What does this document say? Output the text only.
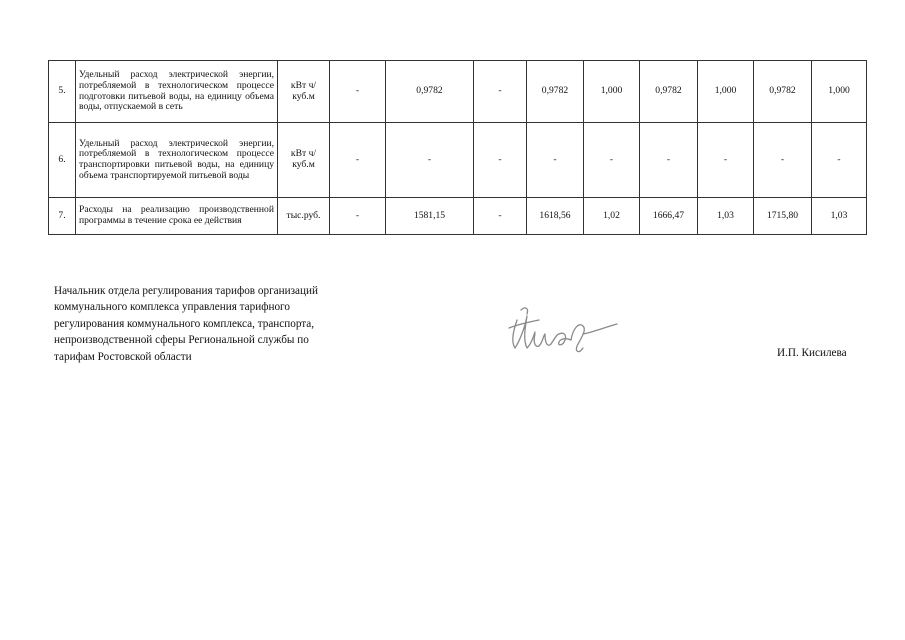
5.	Удельный расход электрической энергии, потребляемой в технологическом процессе подготовки питьевой воды, на единицу объема воды, отпускаемой в сеть	кВт ч/куб.м	-	0,9782	-	0,9782	1,000	0,9782	1,000	0,9782	1,000
6.	Удельный расход электрической энергии, потребляемой в технологическом процессе транспортировки питьевой воды, на единицу объема транспортируемой питьевой воды	кВт ч/куб.м	-	-	-	-	-	-	-	-	-
7.	Расходы на реализацию производственной программы в течение срока ее действия	тыс.руб.	-	1581,15	-	1618,56	1,02	1666,47	1,03	1715,80	1,03
Начальник отдела регулирования тарифов организаций
коммунального комплекса управления тарифного
регулирования коммунального комплекса, транспорта,
непроизводственной сферы Региональной службы по
тарифам Ростовской области	И.П. Кисилева
